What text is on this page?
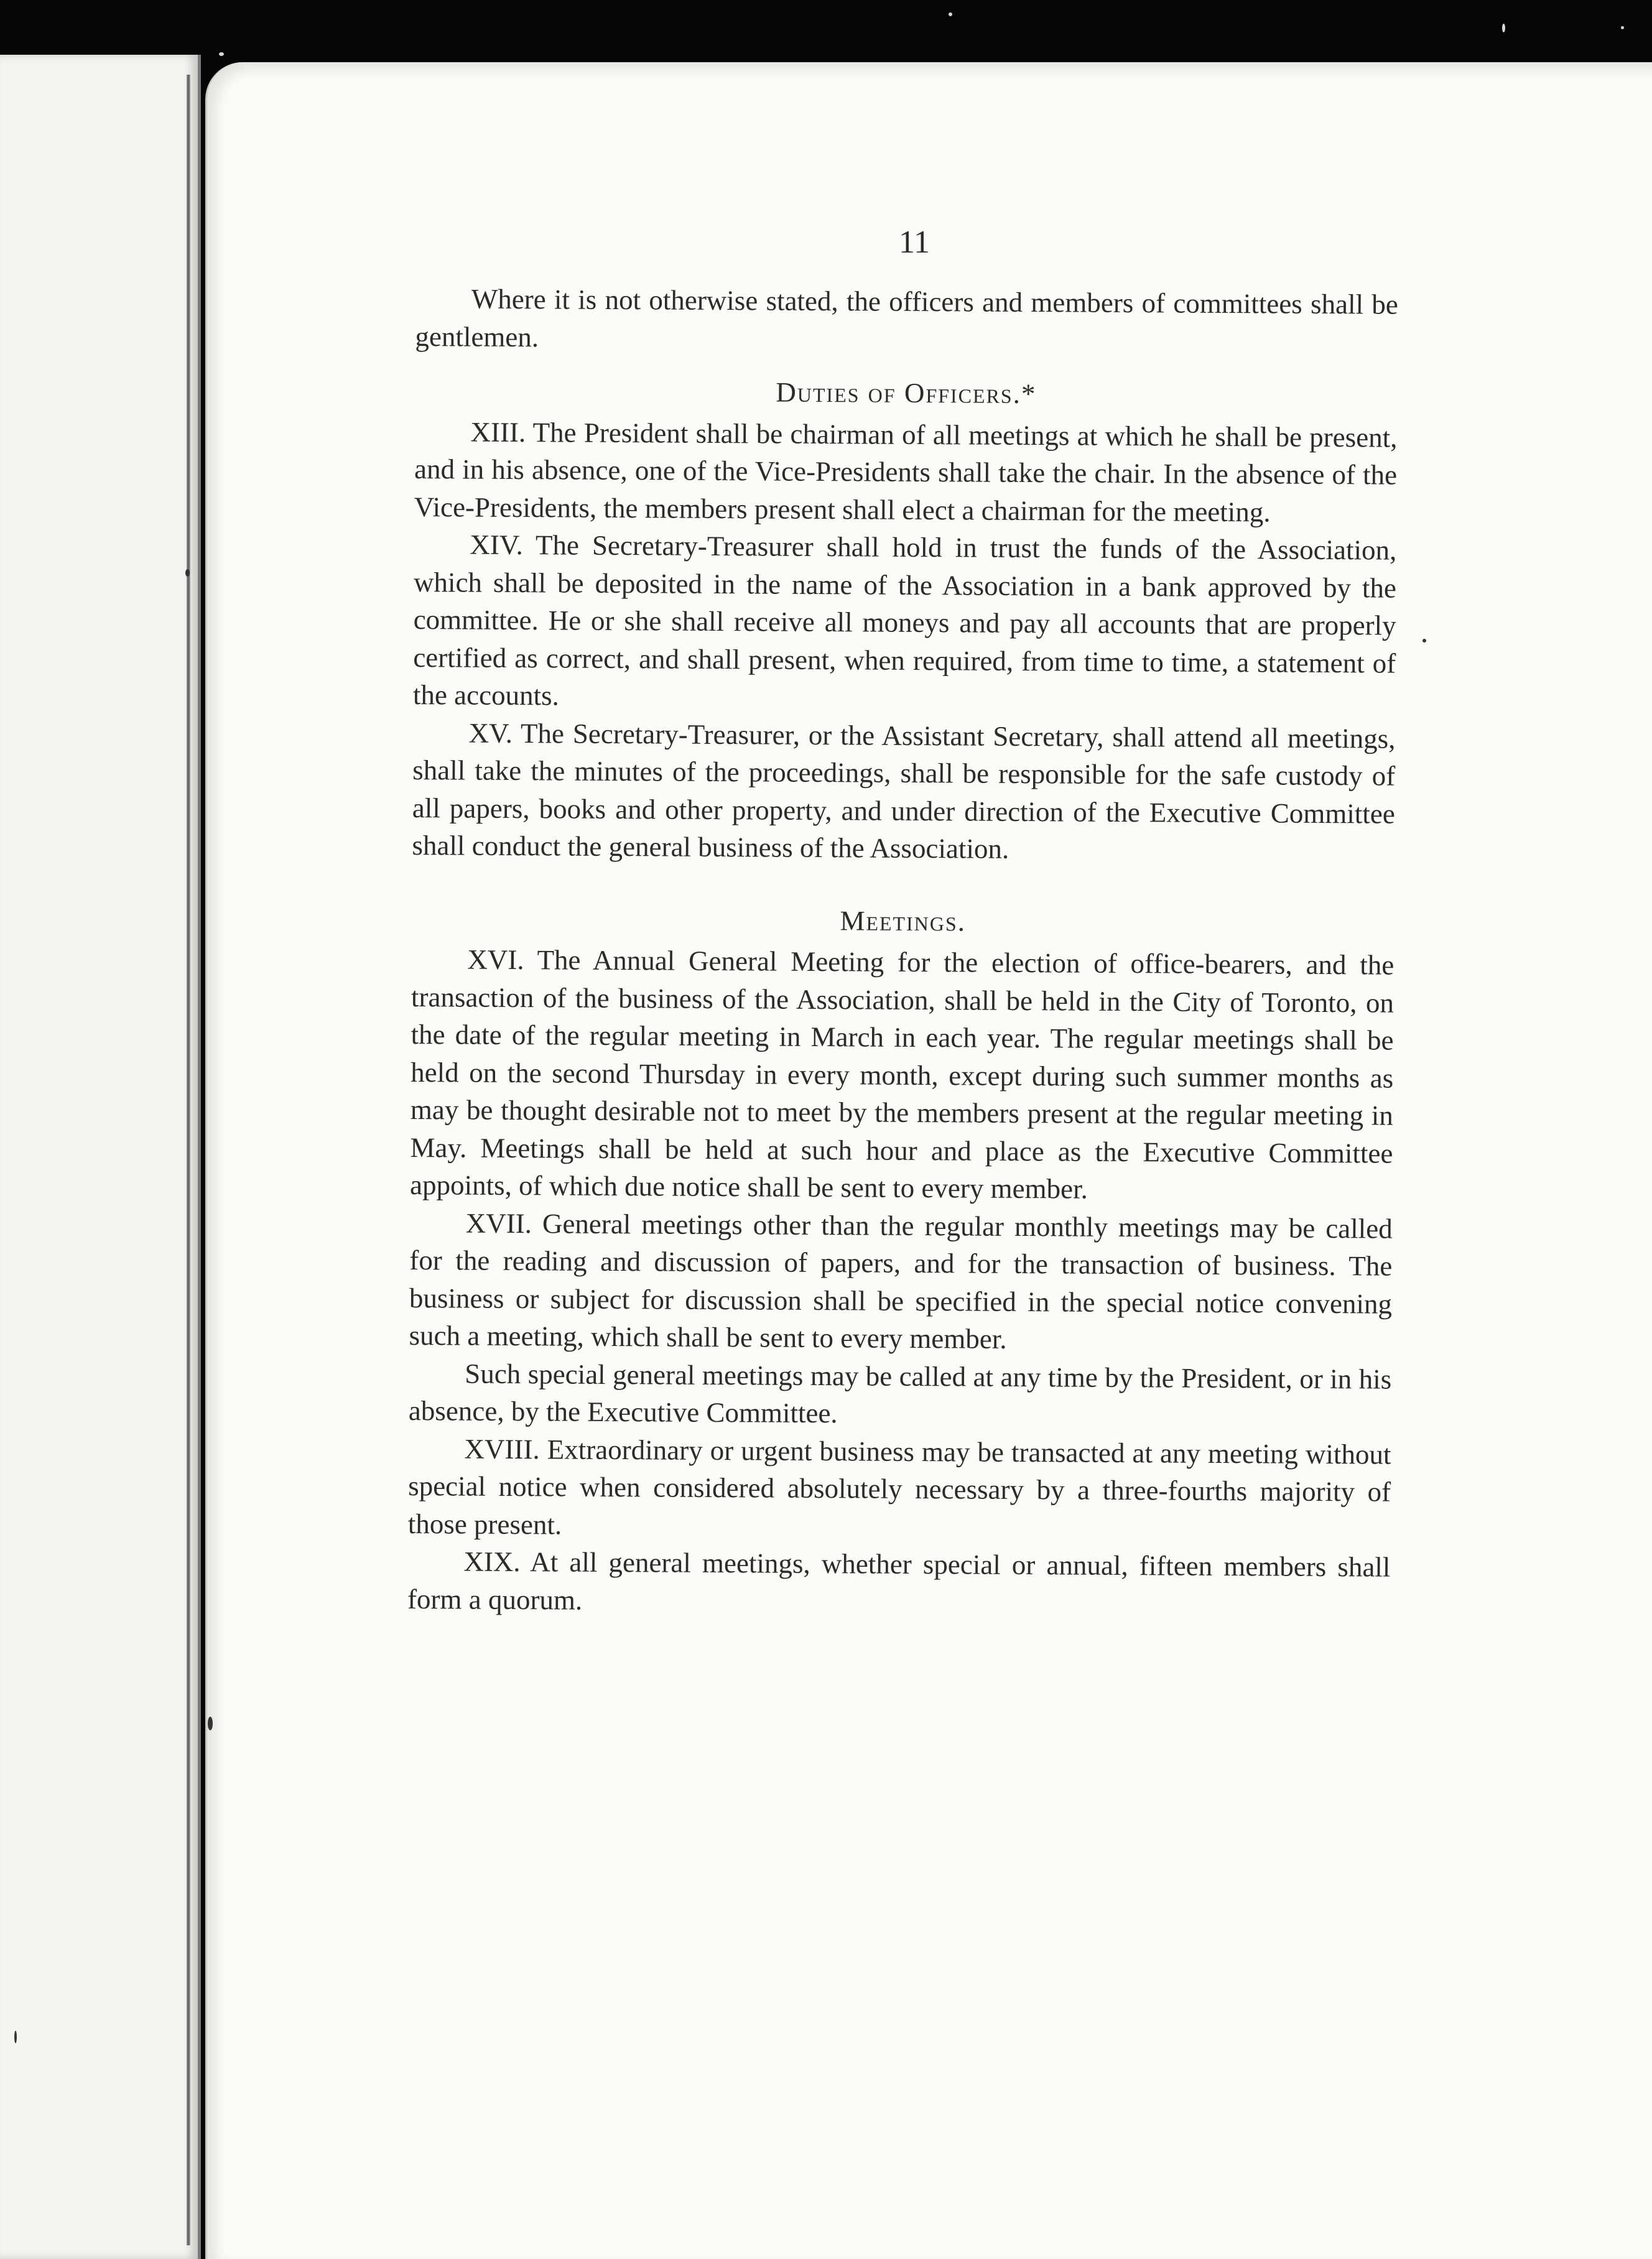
11

Where it is not otherwise stated, the officers and members of committees shall be gentlemen.

Duties of Officers.*

XIII. The President shall be chairman of all meetings at which he shall be present, and in his absence, one of the Vice-Presidents shall take the chair. In the absence of the Vice-Presidents, the members present shall elect a chairman for the meeting.

XIV. The Secretary-Treasurer shall hold in trust the funds of the Association, which shall be deposited in the name of the Association in a bank approved by the committee. He or she shall receive all moneys and pay all accounts that are properly certified as correct, and shall present, when required, from time to time, a statement of the accounts.

XV. The Secretary-Treasurer, or the Assistant Secretary, shall attend all meetings, shall take the minutes of the proceedings, shall be responsible for the safe custody of all papers, books and other property, and under direction of the Executive Committee shall conduct the general business of the Association.

Meetings.

XVI. The Annual General Meeting for the election of office-bearers, and the transaction of the business of the Association, shall be held in the City of Toronto, on the date of the regular meeting in March in each year. The regular meetings shall be held on the second Thursday in every month, except during such summer months as may be thought desirable not to meet by the members present at the regular meeting in May. Meetings shall be held at such hour and place as the Executive Committee appoints, of which due notice shall be sent to every member.

XVII. General meetings other than the regular monthly meetings may be called for the reading and discussion of papers, and for the transaction of business. The business or subject for discussion shall be specified in the special notice convening such a meeting, which shall be sent to every member.

Such special general meetings may be called at any time by the President, or in his absence, by the Executive Committee.

XVIII. Extraordinary or urgent business may be transacted at any meeting without special notice when considered absolutely necessary by a three-fourths majority of those present.

XIX. At all general meetings, whether special or annual, fifteen members shall form a quorum.
